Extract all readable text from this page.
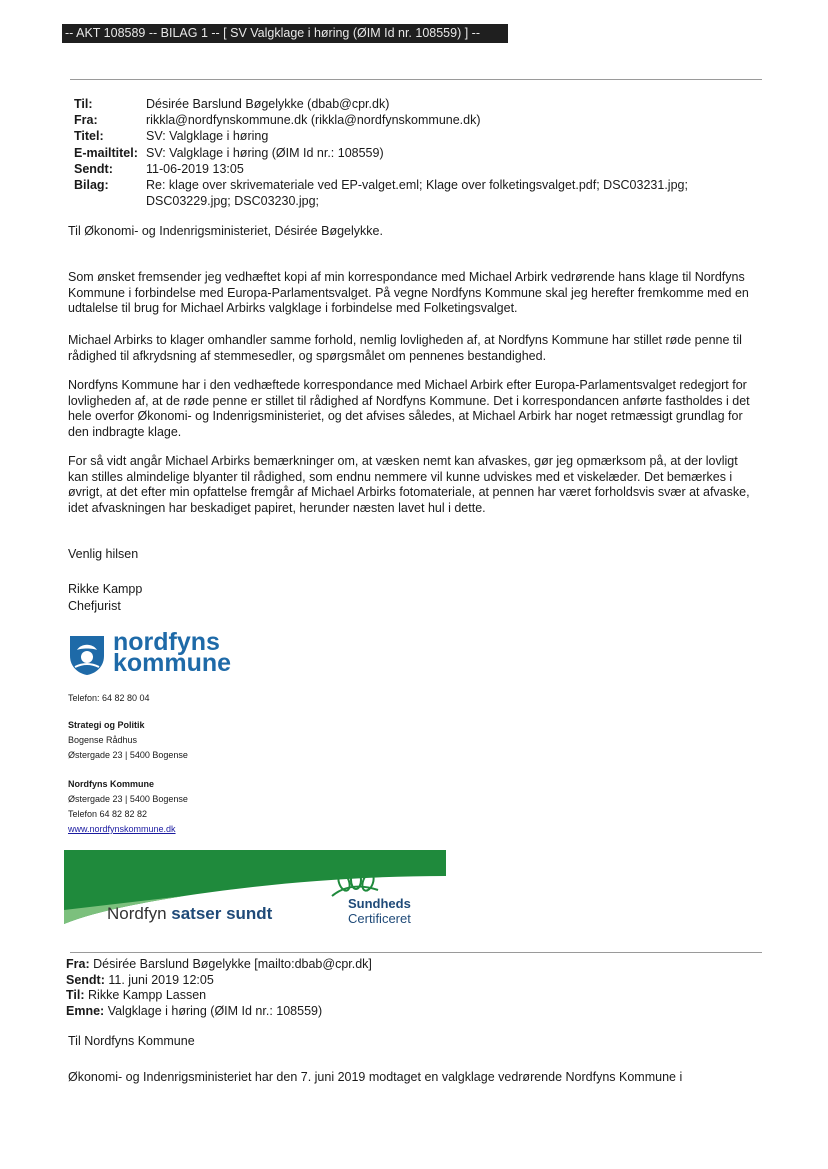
-- AKT 108589 -- BILAG 1 -- [ SV Valgklage i høring (ØIM Id nr. 108559) ] --
Til:	Désirée Barslund Bøgelykke (dbab@cpr.dk)
Fra:	rikkla@nordfynskommune.dk (rikkla@nordfynskommune.dk)
Titel:	SV: Valgklage i høring
E-mailtitel: SV: Valgklage i høring (ØIM Id nr.: 108559)
Sendt:	11-06-2019 13:05
Bilag:	Re: klage over skrivemateriale ved EP-valget.eml; Klage over folketingsvalget.pdf; DSC03231.jpg; DSC03229.jpg; DSC03230.jpg;
Til Økonomi- og Indenrigsministeriet, Désirée Bøgelykke.
Som ønsket fremsender jeg vedhæftet kopi af min korrespondance med Michael Arbirk vedrørende hans klage til Nordfyns Kommune i forbindelse med Europa-Parlamentsvalget. På vegne Nordfyns Kommune skal jeg herefter fremkomme med en udtalelse til brug for Michael Arbirks valgklage i forbindelse med Folketingsvalget.
Michael Arbirks to klager omhandler samme forhold, nemlig lovligheden af, at Nordfyns Kommune har stillet røde penne til rådighed til afkrydsning af stemmesedler, og spørgsmålet om pennenes bestandighed.
Nordfyns Kommune har i den vedhæftede korrespondance med Michael Arbirk efter Europa-Parlamentsvalget redegjort for lovligheden af, at de røde penne er stillet til rådighed af Nordfyns Kommune. Det i korrespondancen anførte fastholdes i det hele overfor Økonomi- og Indenrigsministeriet, og det afvises således, at Michael Arbirk har noget retmæssigt grundlag for den indbragte klage.
For så vidt angår Michael Arbirks bemærkninger om, at væsken nemt kan afvaskes, gør jeg opmærksom på, at der lovligt kan stilles almindelige blyanter til rådighed, som endnu nemmere vil kunne udviskes med et viskelæder. Det bemærkes i øvrigt, at det efter min opfattelse fremgår af Michael Arbirks fotomateriale, at pennen har været forholdsvis svær at afvaske, idet afvaskningen har beskadiget papiret, herunder næsten lavet hul i dette.
Venlig hilsen
Rikke Kampp
Chefjurist
nordfyns
kommune
Telefon: 64 82 80 04
Strategi og Politik
Bogense Rådhus
Østergade 23 | 5400 Bogense
Nordfyns Kommune
Østergade 23 | 5400 Bogense
Telefon 64 82 82 82
www.nordfynskommune.dk
Nordfyn satser sundt
Sundheds
Certificeret
Fra: Désirée Barslund Bøgelykke [mailto:dbab@cpr.dk]
Sendt: 11. juni 2019 12:05
Til: Rikke Kampp Lassen
Emne: Valgklage i høring (ØIM Id nr.: 108559)
Til Nordfyns Kommune
Økonomi- og Indenrigsministeriet har den 7. juni 2019 modtaget en valgklage vedrørende Nordfyns Kommune i
